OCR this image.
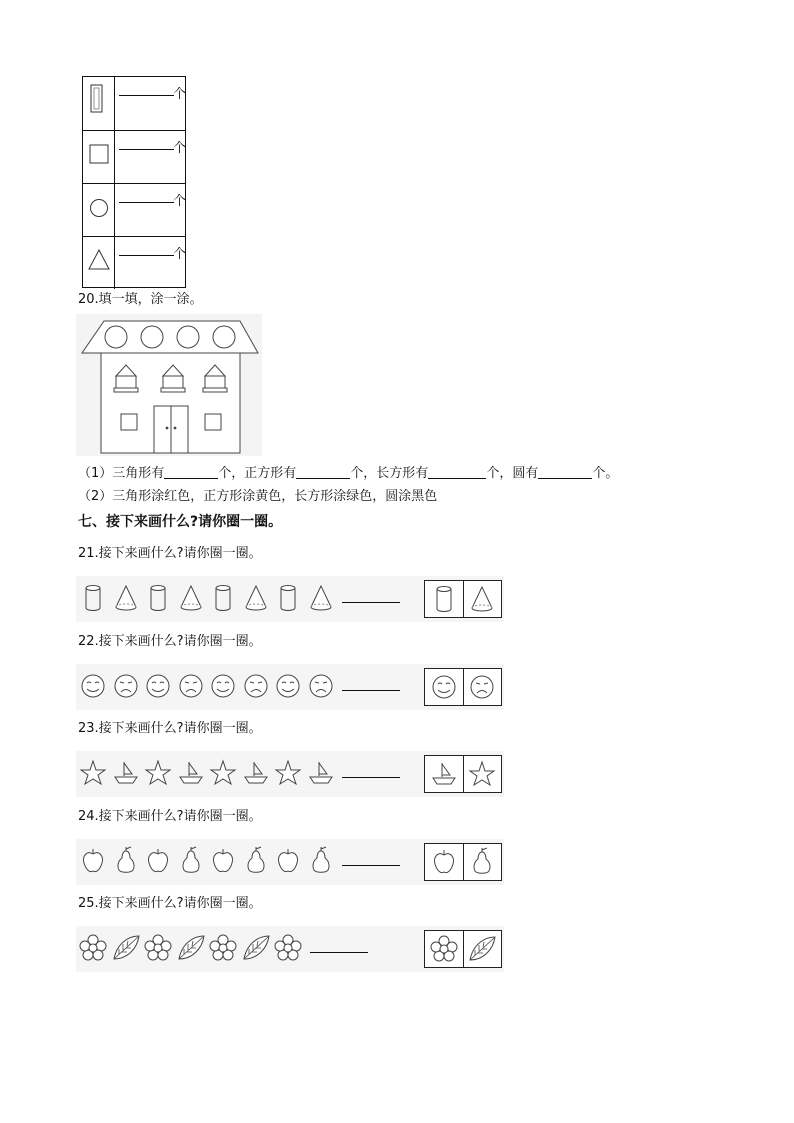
个
个
个
个
20.填一填，涂一涂。
（1）三角形有	个，正方形有	个，长方形有	个，圆有	个。
（2）三角形涂红色，正方形涂黄色，长方形涂绿色，圆涂黑色
七、接下来画什么?请你圈一圈。
21.接下来画什么?请你圈一圈。
22.接下来画什么?请你圈一圈。
23.接下来画什么?请你圈一圈。
24.接下来画什么?请你圈一圈。
25.接下来画什么?请你圈一圈。
